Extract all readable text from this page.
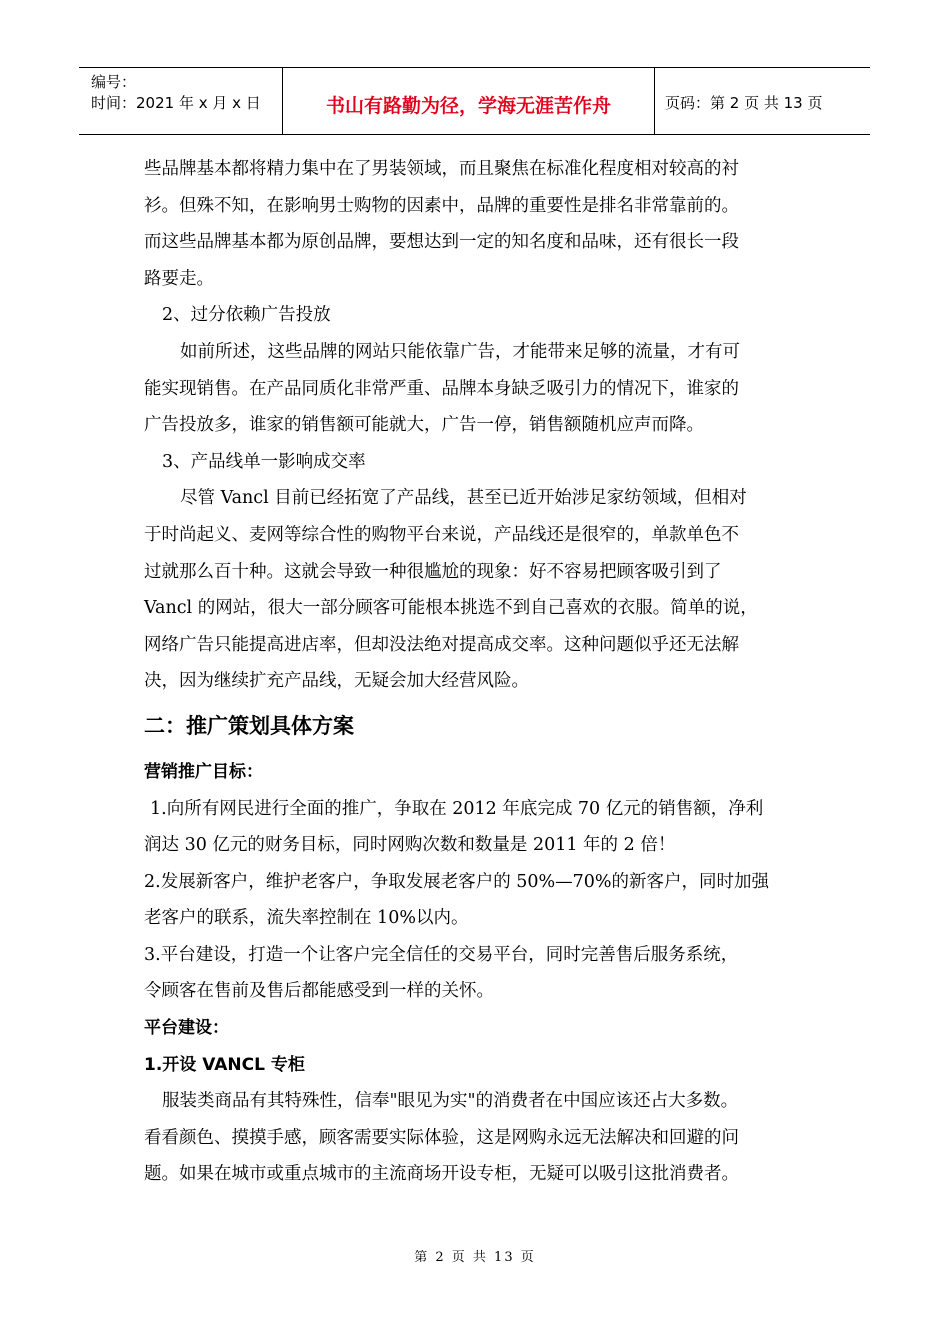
编号：
时间：2021 年 x 月 x 日	书山有路勤为径，学海无涯苦作舟	页码：第 2 页 共 13 页

些品牌基本都将精力集中在了男装领域，而且聚焦在标准化程度相对较高的衬

衫。但殊不知，在影响男士购物的因素中，品牌的重要性是排名非常靠前的。

而这些品牌基本都为原创品牌，要想达到一定的知名度和品味，还有很长一段

路要走。

2、过分依赖广告投放

如前所述，这些品牌的网站只能依靠广告，才能带来足够的流量，才有可

能实现销售。在产品同质化非常严重、品牌本身缺乏吸引力的情况下，谁家的

广告投放多，谁家的销售额可能就大，广告一停，销售额随机应声而降。

3、产品线单一影响成交率

尽管 Vancl 目前已经拓宽了产品线，甚至已近开始涉足家纺领域，但相对

于时尚起义、麦网等综合性的购物平台来说，产品线还是很窄的，单款单色不

过就那么百十种。这就会导致一种很尴尬的现象：好不容易把顾客吸引到了

Vancl 的网站，很大一部分顾客可能根本挑选不到自己喜欢的衣服。简单的说，

网络广告只能提高进店率，但却没法绝对提高成交率。这种问题似乎还无法解

决，因为继续扩充产品线，无疑会加大经营风险。

二：推广策划具体方案

营销推广目标：

1.向所有网民进行全面的推广，争取在 2012 年底完成 70 亿元的销售额，净利

润达 30 亿元的财务目标，同时网购次数和数量是 2011 年的 2 倍！

2.发展新客户，维护老客户，争取发展老客户的 50%—70%的新客户，同时加强

老客户的联系，流失率控制在 10%以内。

3.平台建设，打造一个让客户完全信任的交易平台，同时完善售后服务系统，

令顾客在售前及售后都能感受到一样的关怀。

平台建设：

1.开设 VANCL 专柜

服装类商品有其特殊性，信奉"眼见为实"的消费者在中国应该还占大多数。

看看颜色、摸摸手感，顾客需要实际体验，这是网购永远无法解决和回避的问

题。如果在城市或重点城市的主流商场开设专柜，无疑可以吸引这批消费者。

第 2 页 共 13 页
